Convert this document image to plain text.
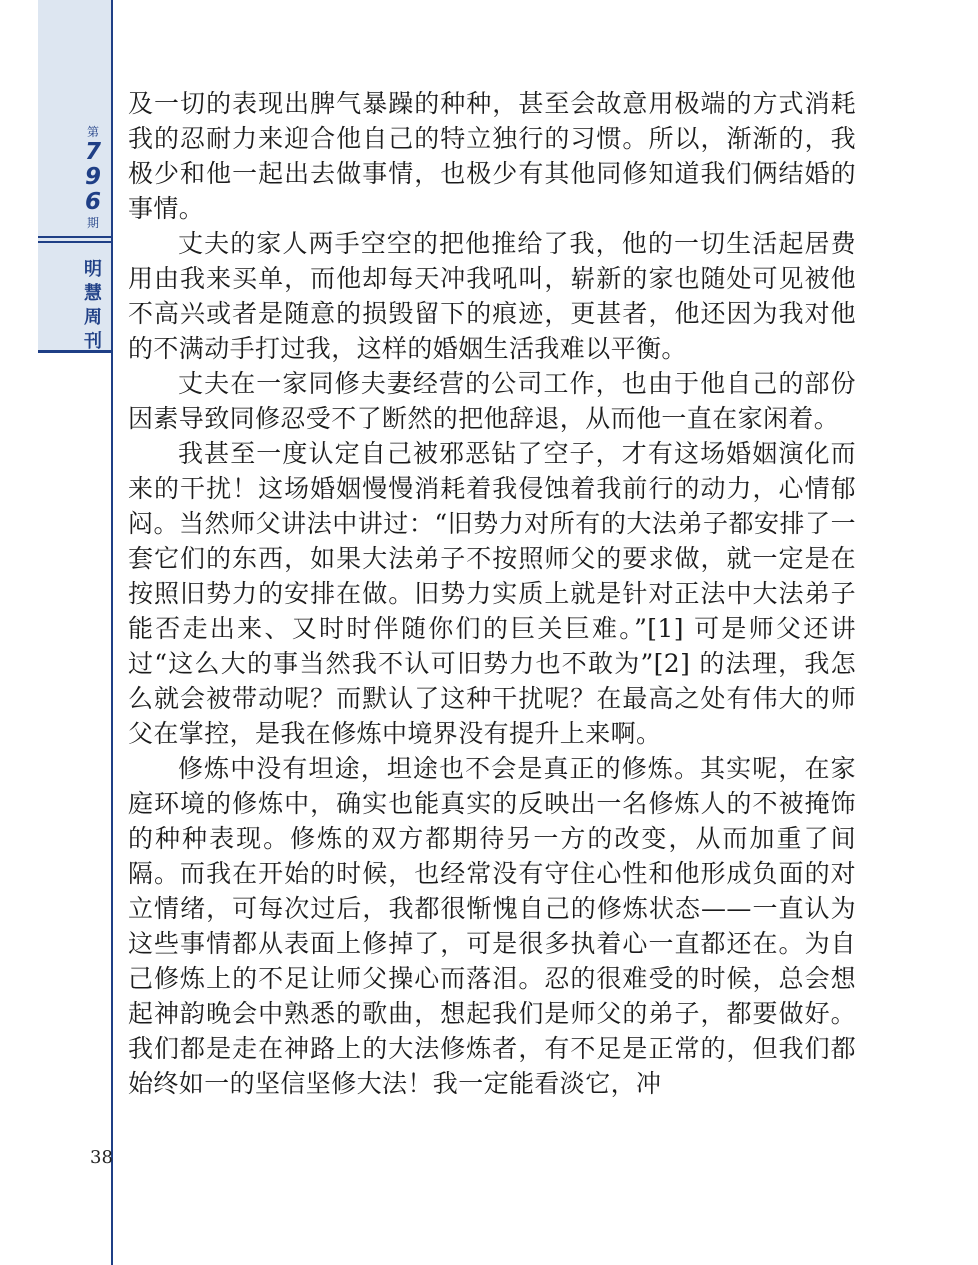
第
7
9
6
期
明
慧
周
刊

及一切的表现出脾气暴躁的种种，甚至会故意用极端的方式消耗我的忍耐力来迎合他自己的特立独行的习惯。所以，渐渐的，我极少和他一起出去做事情，也极少有其他同修知道我们俩结婚的事情。

丈夫的家人两手空空的把他推给了我，他的一切生活起居费用由我来买单，而他却每天冲我吼叫，崭新的家也随处可见被他不高兴或者是随意的损毁留下的痕迹，更甚者，他还因为我对他的不满动手打过我，这样的婚姻生活我难以平衡。

丈夫在一家同修夫妻经营的公司工作，也由于他自己的部份因素导致同修忍受不了断然的把他辞退，从而他一直在家闲着。

我甚至一度认定自己被邪恶钻了空子，才有这场婚姻演化而来的干扰！这场婚姻慢慢消耗着我侵蚀着我前行的动力，心情郁闷。当然师父讲法中讲过：“旧势力对所有的大法弟子都安排了一套它们的东西，如果大法弟子不按照师父的要求做，就一定是在按照旧势力的安排在做。旧势力实质上就是针对正法中大法弟子能否走出来、又时时伴随你们的巨关巨难。”[1] 可是师父还讲过“这么大的事当然我不认可旧势力也不敢为”[2] 的法理，我怎么就会被带动呢？而默认了这种干扰呢？在最高之处有伟大的师父在掌控，是我在修炼中境界没有提升上来啊。

修炼中没有坦途，坦途也不会是真正的修炼。其实呢，在家庭环境的修炼中，确实也能真实的反映出一名修炼人的不被掩饰的种种表现。修炼的双方都期待另一方的改变，从而加重了间隔。而我在开始的时候，也经常没有守住心性和他形成负面的对立情绪，可每次过后，我都很惭愧自己的修炼状态——一直认为这些事情都从表面上修掉了，可是很多执着心一直都还在。为自己修炼上的不足让师父操心而落泪。忍的很难受的时候，总会想起神韵晚会中熟悉的歌曲，想起我们是师父的弟子，都要做好。我们都是走在神路上的大法修炼者，有不足是正常的，但我们都始终如一的坚信坚修大法！我一定能看淡它，冲

38
